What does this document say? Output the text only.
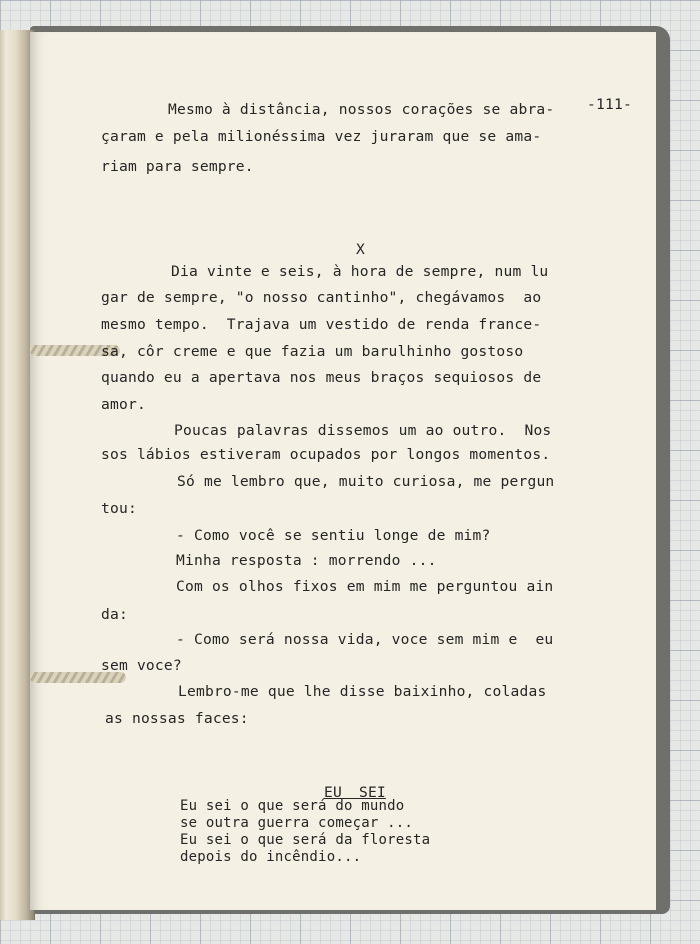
-111-

Mesmo à distância, nossos corações se abra-

çaram e pela milionéssima vez juraram que se ama-

riam para sempre.

X

Dia vinte e seis, à hora de sempre, num lu

gar de sempre, "o nosso cantinho", chegávamos  ao

mesmo tempo.  Trajava um vestido de renda france-

sa, côr creme e que fazia um barulhinho gostoso

quando eu a apertava nos meus braços sequiosos de

amor.

Poucas palavras dissemos um ao outro.  Nos

sos lábios estiveram ocupados por longos momentos.

Só me lembro que, muito curiosa, me pergun

tou:

- Como você se sentiu longe de mim?

Minha resposta : morrendo ...

Com os olhos fixos em mim me perguntou ain

da:

- Como será nossa vida, voce sem mim e  eu

sem voce?

Lembro-me que lhe disse baixinho, coladas

as nossas faces:

EU SEI

Eu sei o que será do mundo

se outra guerra começar ...

Eu sei o que será da floresta

depois do incêndio...
